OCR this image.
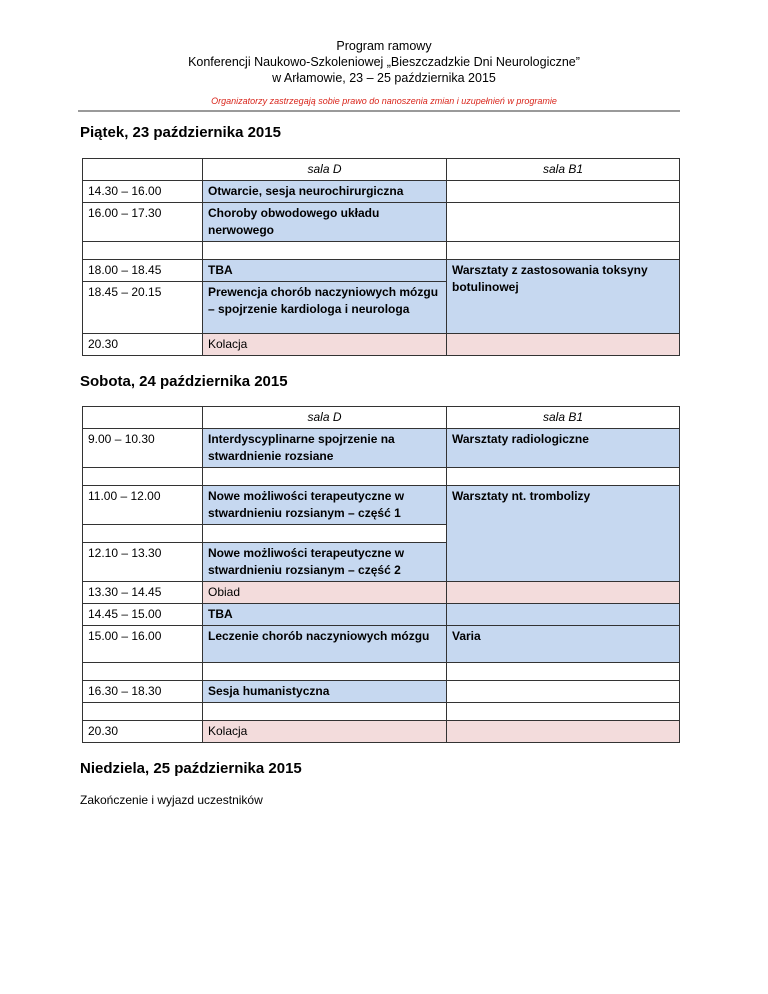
Program ramowy
Konferencji Naukowo-Szkoleniowej „Bieszczadzkie Dni Neurologiczne”
w Arłamowie, 23 – 25 października 2015
Organizatorzy zastrzegają sobie prawo do nanoszenia zmian i uzupełnień w programie
Piątek, 23 października 2015
	sala D	sala B1
14.30 – 16.00	Otwarcie, sesja neurochirurgiczna	
16.00 – 17.30	Choroby obwodowego układu nerwowego	

18.00 – 18.45	TBA	Warsztaty z zastosowania toksyny botulinowej
18.45 – 20.15	Prewencja chorób naczyniowych mózgu – spojrzenie kardiologa i neurologa	
20.30	Kolacja	
Sobota, 24 października 2015
	sala D	sala B1
9.00 – 10.30	Interdyscyplinarne spojrzenie na stwardnienie rozsiane	Warsztaty radiologiczne

11.00 – 12.00	Nowe możliwości terapeutyczne w stwardnieniu rozsianym – część 1	Warsztaty nt. trombolizy

12.10 – 13.30	Nowe możliwości terapeutyczne w stwardnieniu rozsianym – część 2	
13.30 – 14.45	Obiad	
14.45 – 15.00	TBA	
15.00 – 16.00	Leczenie chorób naczyniowych mózgu	Varia

16.30 – 18.30	Sesja humanistyczna	

20.30	Kolacja	
Niedziela, 25 października 2015
Zakończenie i wyjazd uczestników
